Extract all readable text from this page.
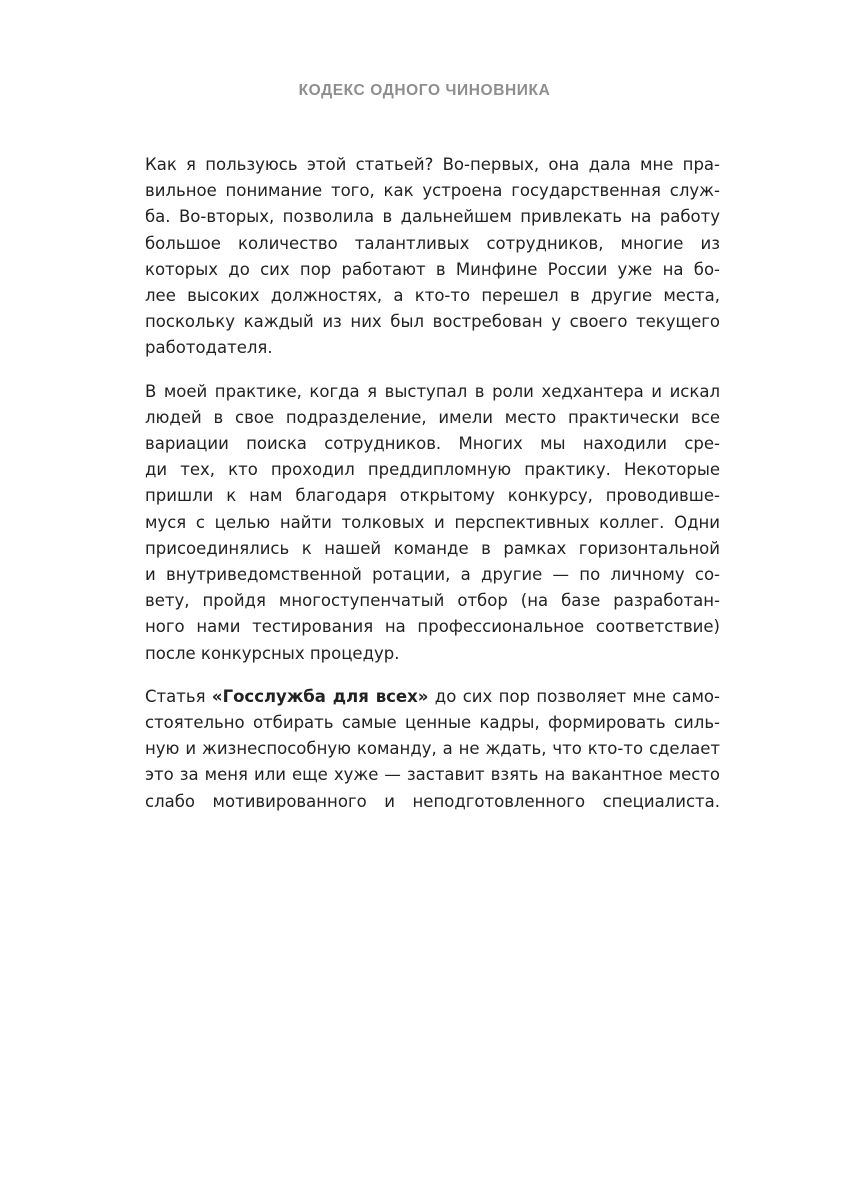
КОДЕКС ОДНОГО ЧИНОВНИКА

Как я пользуюсь этой статьей? Во-первых, она дала мне пра-
вильное понимание того, как устроена государственная служ-
ба. Во-вторых, позволила в дальнейшем привлекать на работу
большое количество талантливых сотрудников, многие из
которых до сих пор работают в Минфине России уже на бо-
лее высоких должностях, а кто-то перешел в другие места,
поскольку каждый из них был востребован у своего текущего
работодателя.

В моей практике, когда я выступал в роли хедхантера и искал
людей в свое подразделение, имели место практически все
вариации поиска сотрудников. Многих мы находили сре-
ди тех, кто проходил преддипломную практику. Некоторые
пришли к нам благодаря открытому конкурсу, проводивше-
муся с целью найти толковых и перспективных коллег. Одни
присоединялись к нашей команде в рамках горизонтальной
и внутриведомственной ротации, а другие — по личному со-
вету, пройдя многоступенчатый отбор (на базе разработан-
ного нами тестирования на профессиональное соответствие)
после конкурсных процедур.

Статья «Госслужба для всех» до сих пор позволяет мне само-
стоятельно отбирать самые ценные кадры, формировать силь-
ную и жизнеспособную команду, а не ждать, что кто-то сделает
это за меня или еще хуже — заставит взять на вакантное место
слабо мотивированного и неподготовленного специалиста.
